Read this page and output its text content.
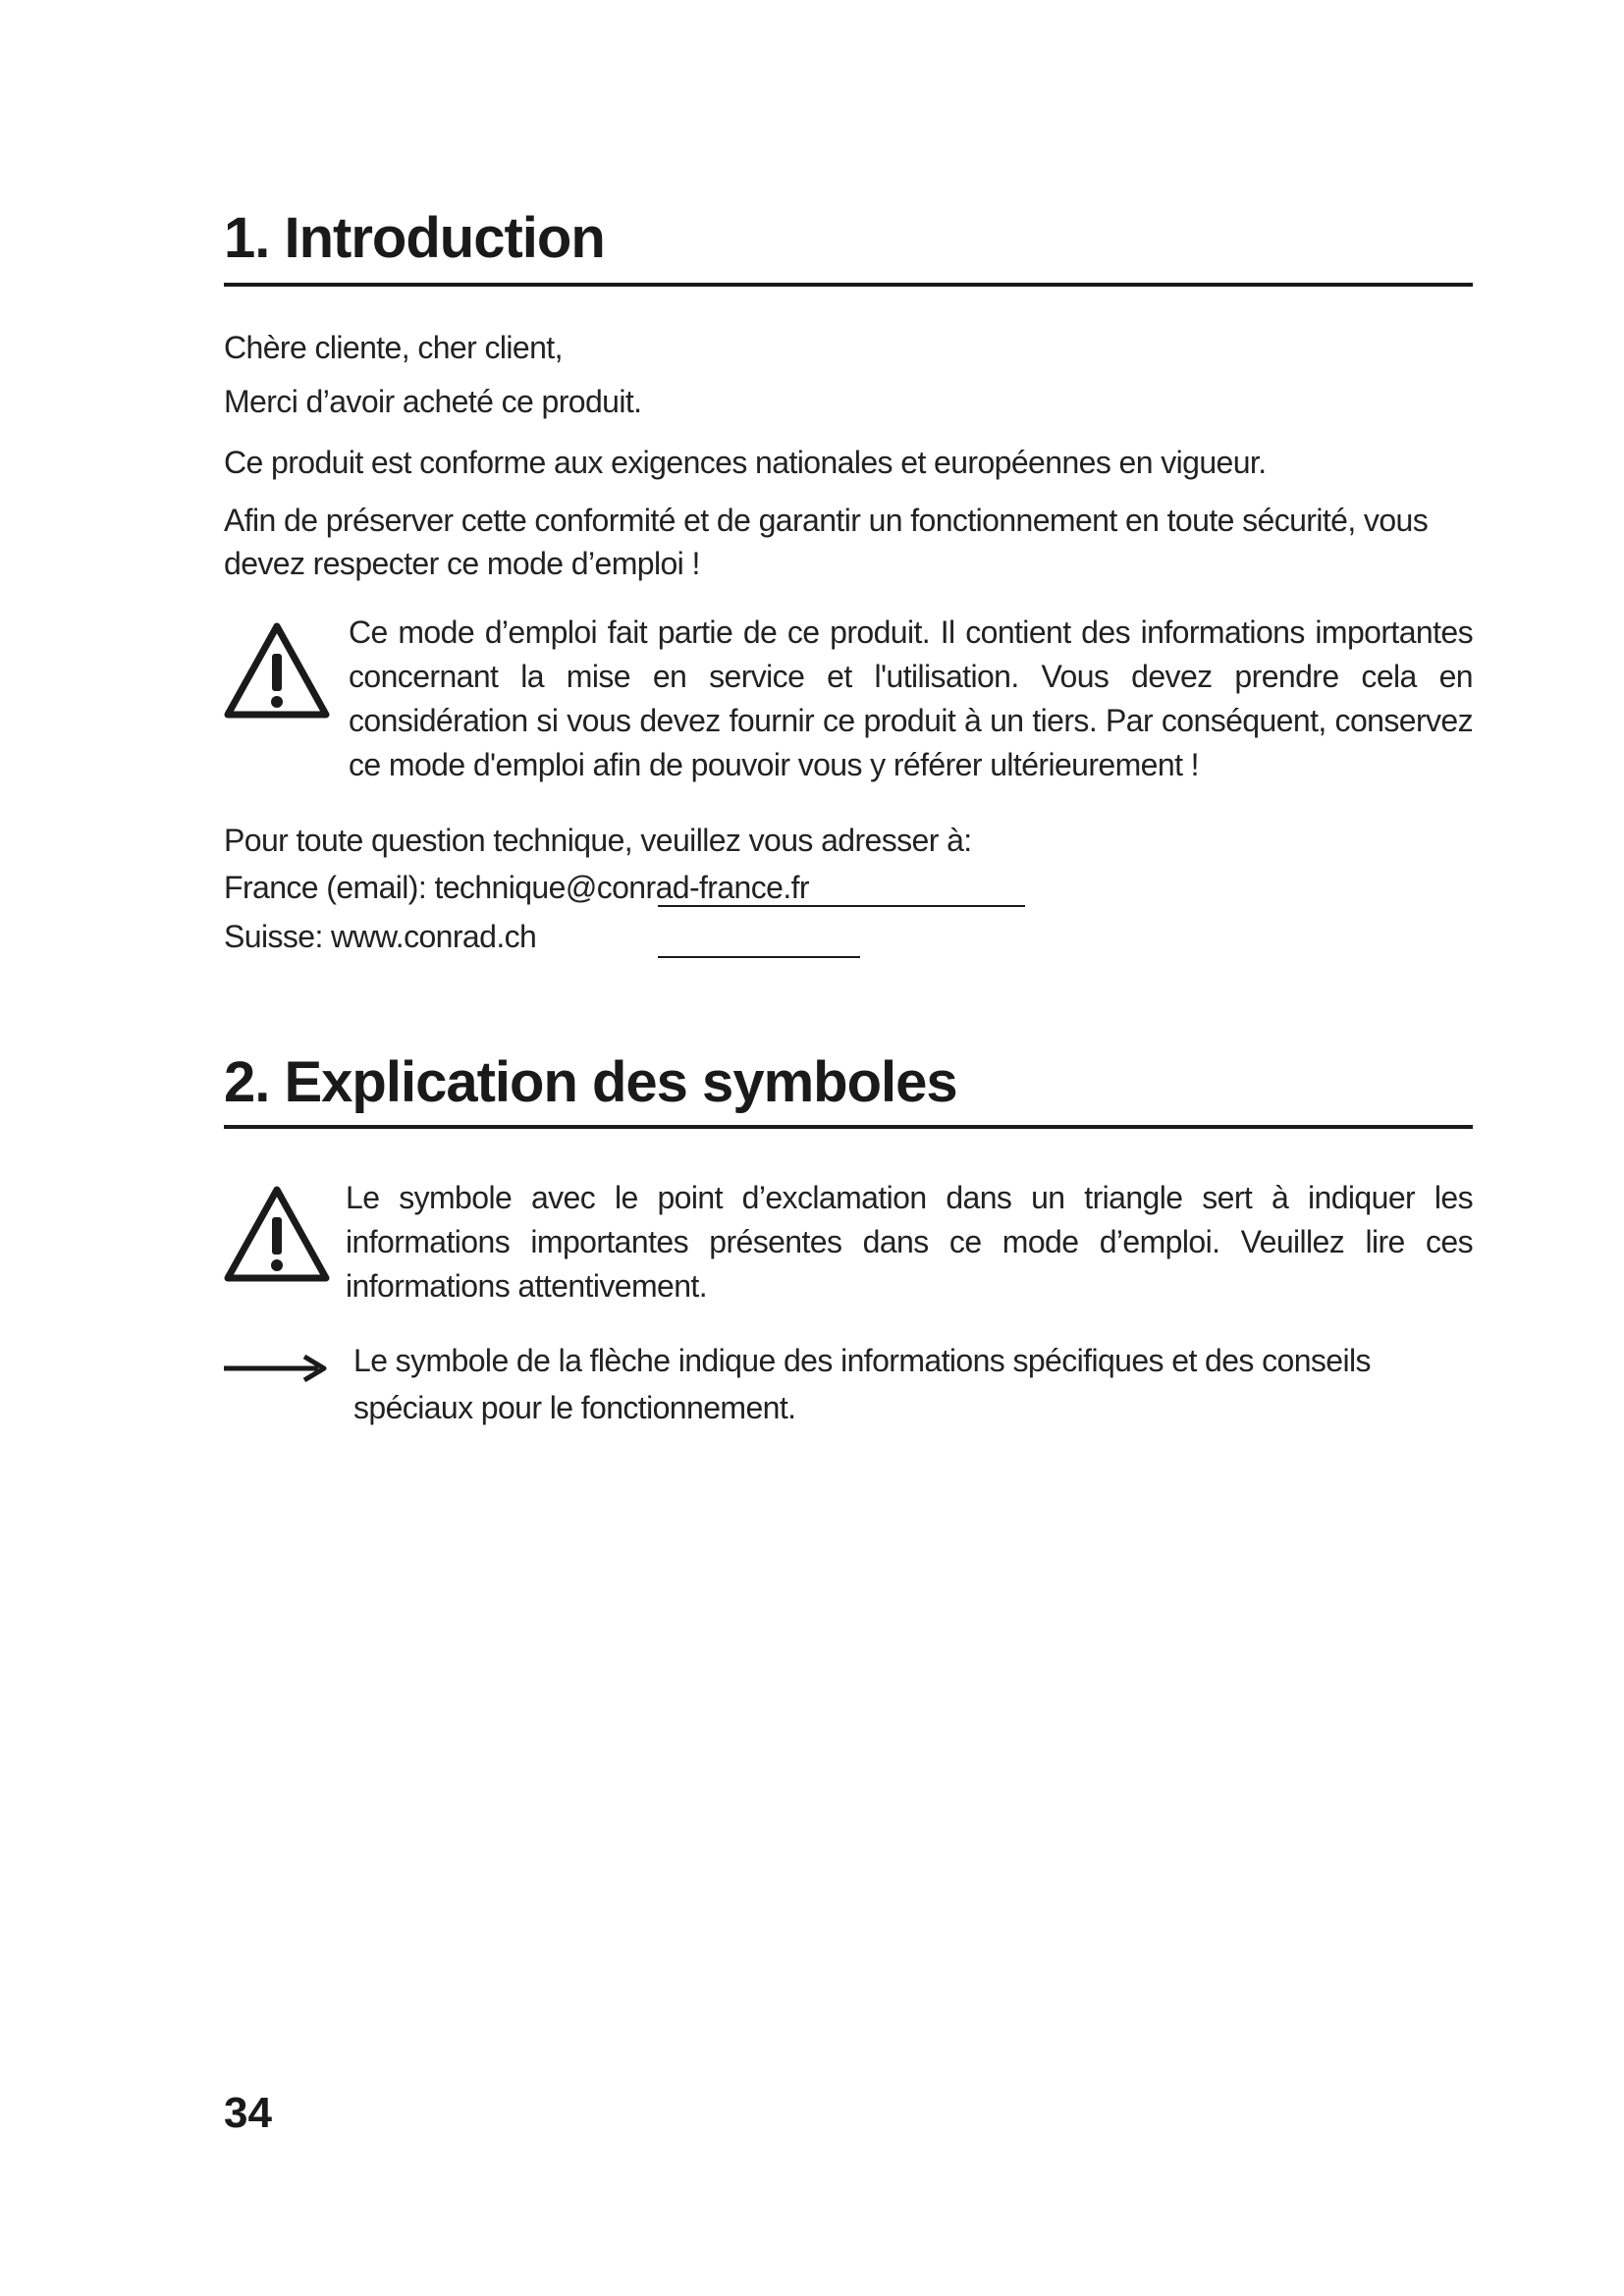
1. Introduction

Chère cliente, cher client,

Merci d’avoir acheté ce produit.

Ce produit est conforme aux exigences nationales et européennes en vigueur.

Afin de préserver cette conformité et de garantir un fonctionnement en toute sécurité, vous devez respecter ce mode d’emploi !

Ce mode d’emploi fait partie de ce produit. Il contient des informations importantes concernant la mise en service et l'utilisation. Vous devez prendre cela en considération si vous devez fournir ce produit à un tiers. Par conséquent, conservez ce mode d'emploi afin de pouvoir vous y référer ultérieurement !

Pour toute question technique, veuillez vous adresser à:

France (email): technique@conrad-france.fr

Suisse: www.conrad.ch

2. Explication des symboles

Le symbole avec le point d’exclamation dans un triangle sert à indiquer les informations importantes présentes dans ce mode d’emploi. Veuillez lire ces informations attentivement.

Le symbole de la flèche indique des informations spécifiques et des conseils spéciaux pour le fonctionnement.

34
